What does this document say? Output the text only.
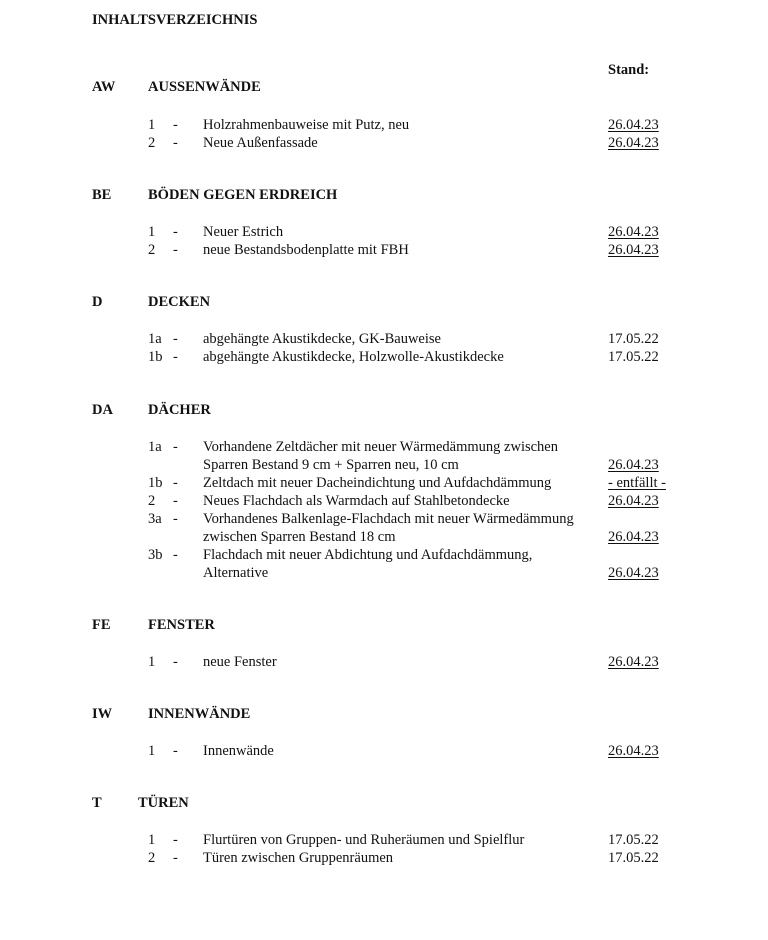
INHALTSVERZEICHNIS
Stand:
AW AUSSENWÄNDE
1 - Holzrahmenbauweise mit Putz, neu	26.04.23
2 - Neue Außenfassade	26.04.23
BE	BÖDEN GEGEN ERDREICH
1 - Neuer Estrich	26.04.23
2 - neue Bestandsbodenplatte mit FBH	26.04.23
D	DECKEN
1a - abgehängte Akustikdecke, GK-Bauweise	17.05.22
1b - abgehängte Akustikdecke, Holzwolle-Akustikdecke	17.05.22
DA DÄCHER
1a - Vorhandene Zeltdächer mit neuer Wärmedämmung zwischen
Sparren Bestand 9 cm + Sparren neu, 10 cm	26.04.23
1b - Zeltdach mit neuer Dacheindichtung und Aufdachdämmung	- entfällt -
2 - Neues Flachdach als Warmdach auf Stahlbetondecke	26.04.23
3a - Vorhandenes Balkenlage-Flachdach mit neuer Wärmedämmung
zwischen Sparren Bestand 18 cm	26.04.23
3b - Flachdach mit neuer Abdichtung und Aufdachdämmung,
Alternative	26.04.23
FE	FENSTER
1 - neue Fenster	26.04.23
IW INNENWÄNDE
1 - Innenwände	26.04.23
T	TÜREN
1 - Flurtüren von Gruppen- und Ruheräumen und Spielflur	17.05.22
2 - Türen zwischen Gruppenräumen	17.05.22
